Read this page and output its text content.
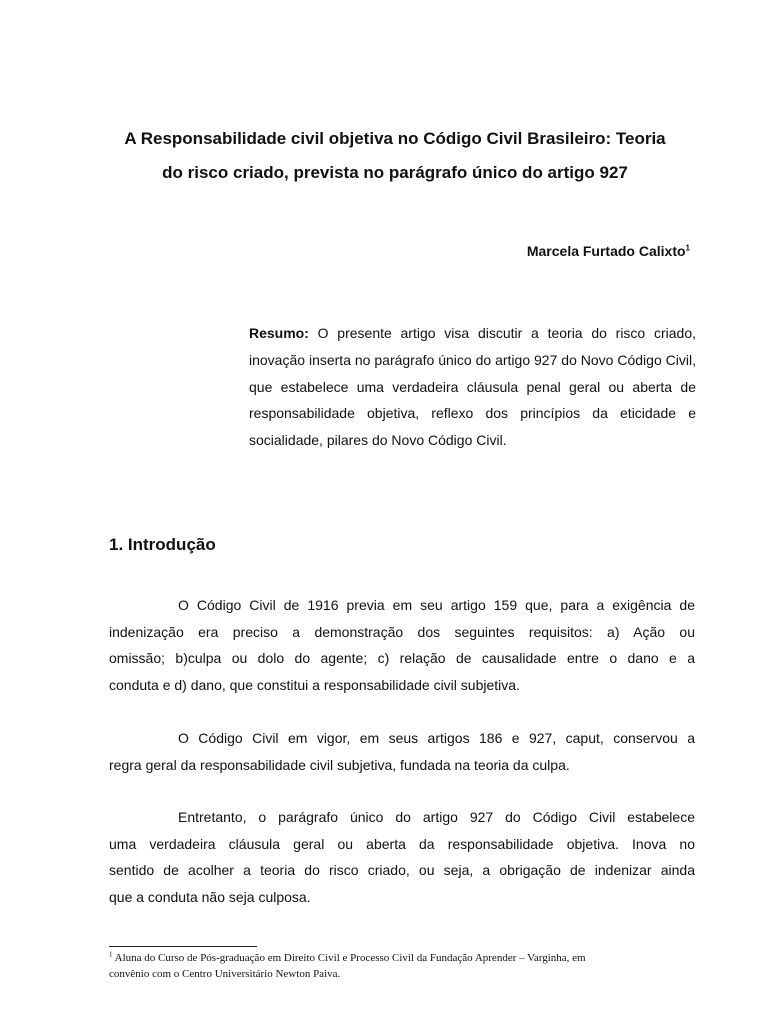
A Responsabilidade civil objetiva no Código Civil Brasileiro: Teoria
do risco criado, prevista no parágrafo único do artigo 927
Marcela Furtado Calixto$^1$
Resumo: O presente artigo visa discutir a teoria do risco criado, inovação inserta no parágrafo único do artigo 927 do Novo Código Civil, que estabelece uma verdadeira cláusula penal geral ou aberta de responsabilidade objetiva, reflexo dos princípios da eticidade e socialidade, pilares do Novo Código Civil.
1. Introdução
O Código Civil de 1916 previa em seu artigo 159 que, para a exigência de
indenização era preciso a demonstração dos seguintes requisitos: a) Ação ou
omissão; b)culpa ou dolo do agente; c) relação de causalidade entre o dano e a
conduta e d) dano, que constitui a responsabilidade civil subjetiva.
O Código Civil em vigor, em seus artigos 186 e 927, caput, conservou a
regra geral da responsabilidade civil subjetiva, fundada na teoria da culpa.
Entretanto, o parágrafo único do artigo 927 do Código Civil estabelece
uma verdadeira cláusula geral ou aberta da responsabilidade objetiva. Inova no
sentido de acolher a teoria do risco criado, ou seja, a obrigação de indenizar ainda
que a conduta não seja culposa.
$^1$ Aluna do Curso de Pós-graduação em Direito Civil e Processo Civil da Fundação Aprender – Varginha, em
convênio com o Centro Universitário Newton Paiva.
